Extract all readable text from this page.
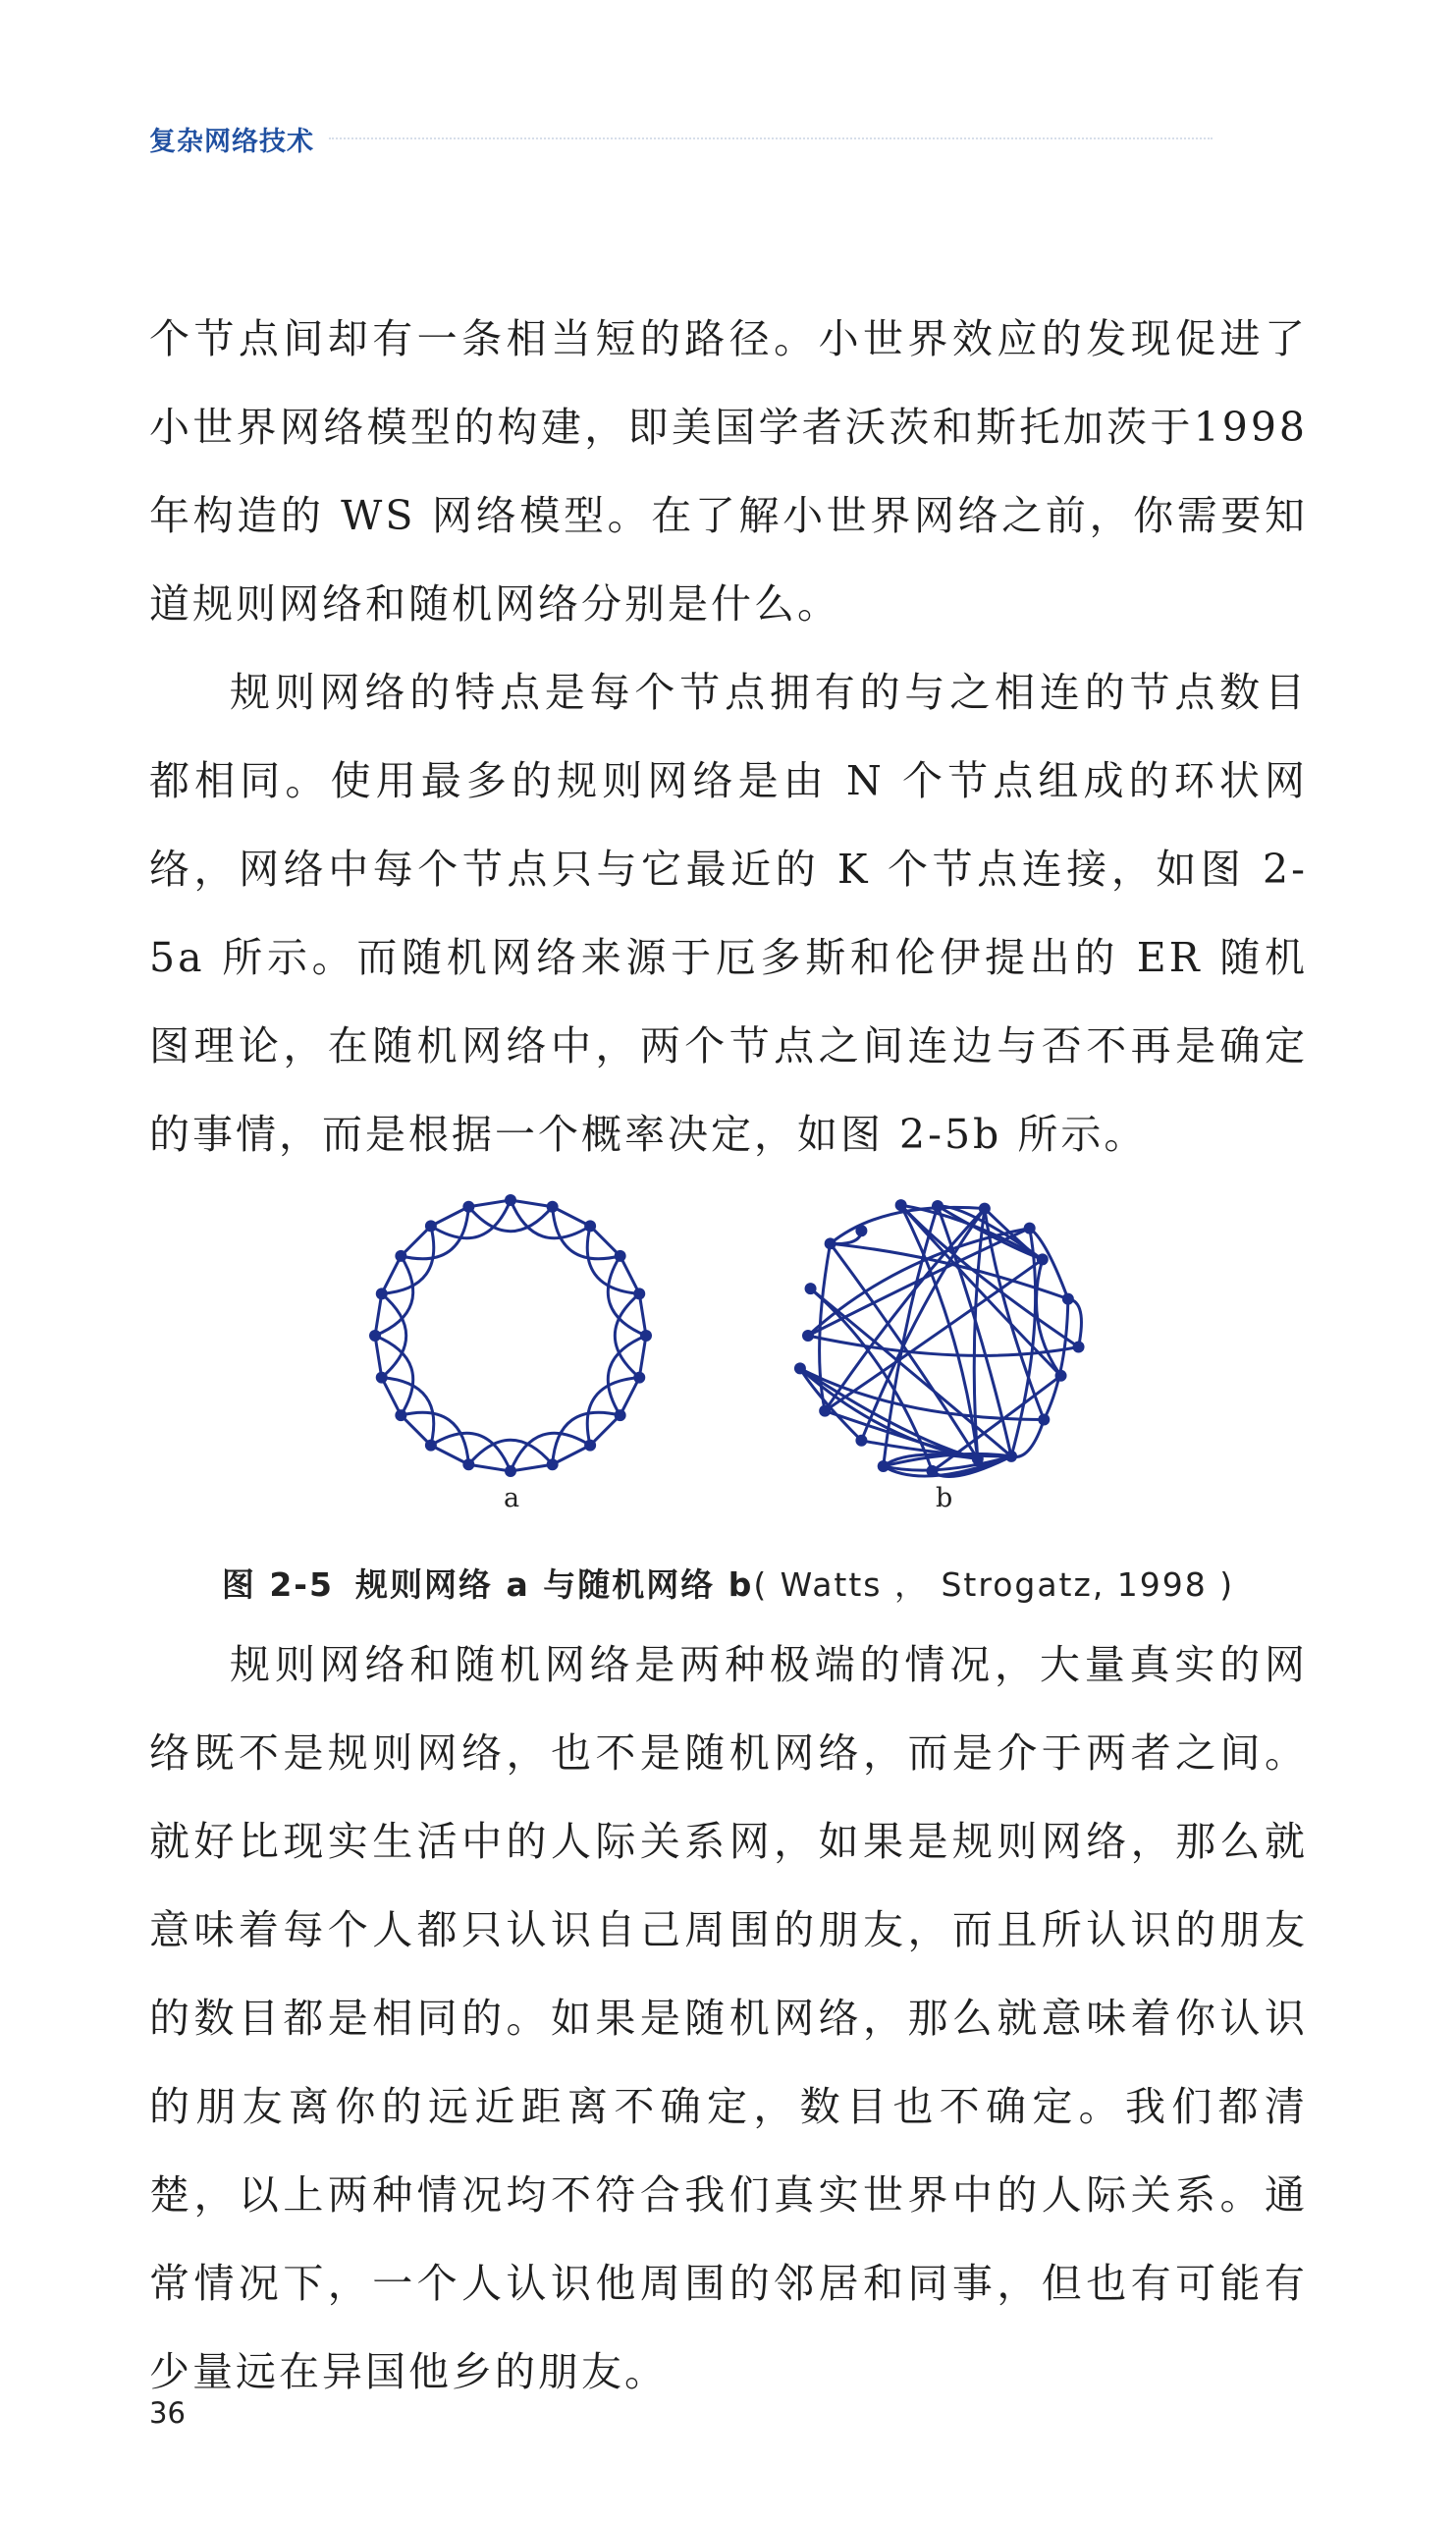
复杂网络技术

个节点间却有一条相当短的路径。小世界效应的发现促进了小世界网络模型的构建，即美国学者沃茨和斯托加茨于1998 年构造的 WS 网络模型。在了解小世界网络之前，你需要知道规则网络和随机网络分别是什么。

规则网络的特点是每个节点拥有的与之相连的节点数目都相同。使用最多的规则网络是由 N 个节点组成的环状网络，网络中每个节点只与它最近的 K 个节点连接，如图 2-5a 所示。而随机网络来源于厄多斯和伦伊提出的 ER 随机图理论，在随机网络中，两个节点之间连边与否不再是确定的事情，而是根据一个概率决定，如图 2-5b 所示。

a	b
图 2-5 规则网络 a 与随机网络 b( Watts ， Strogatz, 1998 )

规则网络和随机网络是两种极端的情况，大量真实的网络既不是规则网络，也不是随机网络，而是介于两者之间。就好比现实生活中的人际关系网，如果是规则网络，那么就意味着每个人都只认识自己周围的朋友，而且所认识的朋友的数目都是相同的。如果是随机网络，那么就意味着你认识的朋友离你的远近距离不确定，数目也不确定。我们都清楚，以上两种情况均不符合我们真实世界中的人际关系。通常情况下，一个人认识他周围的邻居和同事，但也有可能有少量远在异国他乡的朋友。

36
